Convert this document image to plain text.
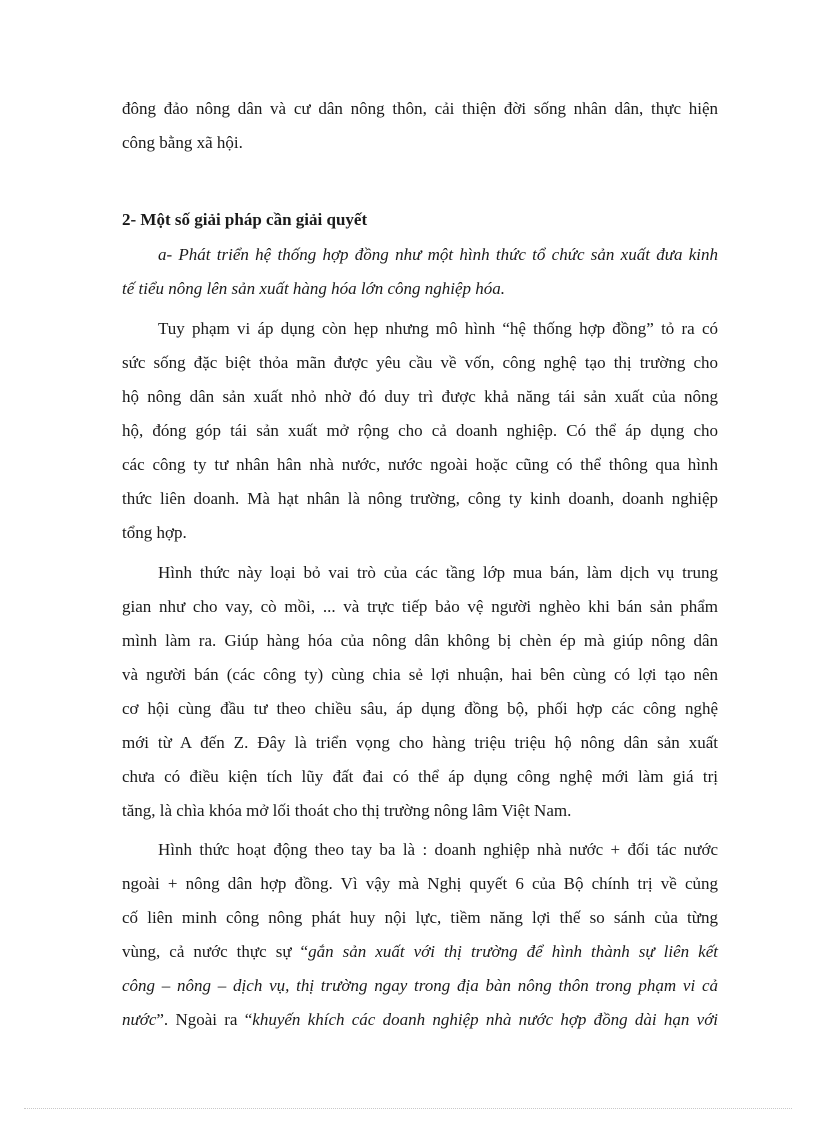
đông đảo nông dân và cư dân nông thôn, cải thiện đời sống nhân dân, thực hiện
công bằng xã hội.
2- Một số giải pháp cần giải quyết
a- Phát triển hệ thống hợp đồng như một hình thức tổ chức sản xuất đưa kinh
tế tiểu nông lên sản xuất hàng hóa lớn công nghiệp hóa.
Tuy phạm vi áp dụng còn hẹp nhưng mô hình “hệ thống hợp đồng” tỏ ra có
sức sống đặc biệt thỏa mãn được yêu cầu về vốn, công nghệ tạo thị trường cho
hộ nông dân sản xuất nhỏ nhờ đó duy trì được khả năng tái sản xuất của nông
hộ, đóng góp tái sản xuất mở rộng cho cả doanh nghiệp. Có thể áp dụng cho
các công ty tư nhân hân nhà nước, nước ngoài hoặc cũng có thể thông qua hình
thức liên doanh. Mà hạt nhân là nông trường, công ty kinh doanh, doanh nghiệp
tổng hợp.
Hình thức này loại bỏ vai trò của các tầng lớp mua bán, làm dịch vụ trung
gian như cho vay, cò mồi, ... và trực tiếp bảo vệ người nghèo khi bán sản phẩm
mình làm ra. Giúp hàng hóa của nông dân không bị chèn ép mà giúp nông dân
và người bán (các công ty) cùng chia sẻ lợi nhuận, hai bên cùng có lợi tạo nên
cơ hội cùng đầu tư theo chiều sâu, áp dụng đồng bộ, phối hợp các công nghệ
mới từ A đến Z. Đây là triển vọng cho hàng triệu triệu hộ nông dân sản xuất
chưa có điều kiện tích lũy đất đai có thể áp dụng công nghệ mới làm giá trị
tăng, là chìa khóa mở lối thoát cho thị trường nông lâm Việt Nam.
Hình thức hoạt động theo tay ba là : doanh nghiệp nhà nước + đối tác nước
ngoài + nông dân hợp đồng. Vì vậy mà Nghị quyết 6 của Bộ chính trị về củng
cố liên minh công nông phát huy nội lực, tiềm năng lợi thế so sánh của từng
vùng, cả nước thực sự “gắn sản xuất với thị trường để hình thành sự liên kết
công – nông – dịch vụ, thị trường ngay trong địa bàn nông thôn trong phạm vi cả
nước”. Ngoài ra “khuyến khích các doanh nghiệp nhà nước hợp đồng dài hạn với
